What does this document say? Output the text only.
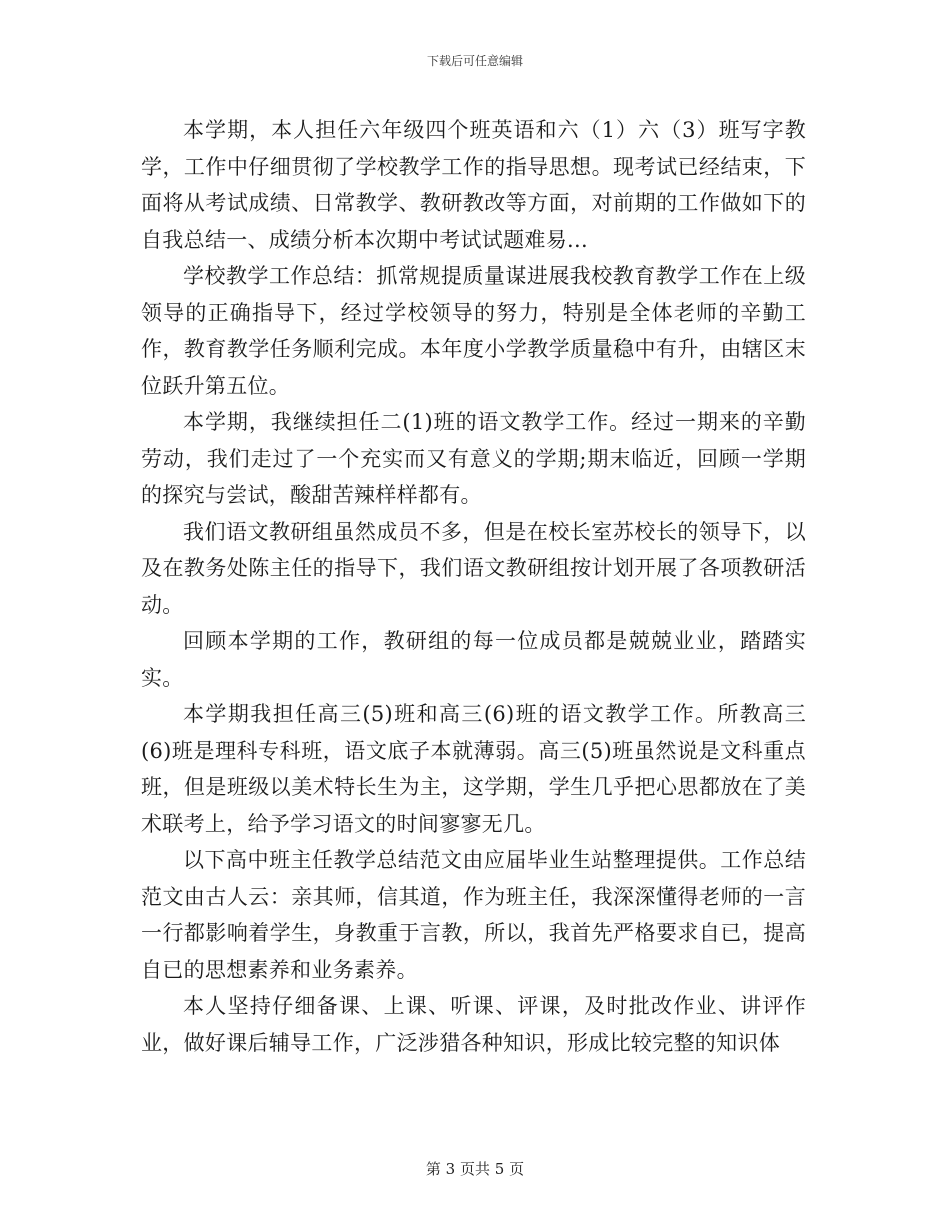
下载后可任意编辑

本学期，本人担任六年级四个班英语和六（1）六（3）班写字教学，工作中仔细贯彻了学校教学工作的指导思想。现考试已经结束，下面将从考试成绩、日常教学、教研教改等方面，对前期的工作做如下的自我总结一、成绩分析本次期中考试试题难易...

学校教学工作总结：抓常规提质量谋进展我校教育教学工作在上级领导的正确指导下，经过学校领导的努力，特别是全体老师的辛勤工作，教育教学任务顺利完成。本年度小学教学质量稳中有升，由辖区末位跃升第五位。

本学期，我继续担任二(1)班的语文教学工作。经过一期来的辛勤劳动，我们走过了一个充实而又有意义的学期;期末临近，回顾一学期的探究与尝试，酸甜苦辣样样都有。

我们语文教研组虽然成员不多，但是在校长室苏校长的领导下，以及在教务处陈主任的指导下，我们语文教研组按计划开展了各项教研活动。

回顾本学期的工作，教研组的每一位成员都是兢兢业业，踏踏实实。

本学期我担任高三(5)班和高三(6)班的语文教学工作。所教高三(6)班是理科专科班，语文底子本就薄弱。高三(5)班虽然说是文科重点班，但是班级以美术特长生为主，这学期，学生几乎把心思都放在了美术联考上，给予学习语文的时间寥寥无几。

以下高中班主任教学总结范文由应届毕业生站整理提供。工作总结范文由古人云：亲其师，信其道，作为班主任，我深深懂得老师的一言一行都影响着学生，身教重于言教，所以，我首先严格要求自已，提高自已的思想素养和业务素养。

本人坚持仔细备课、上课、听课、评课，及时批改作业、讲评作业，做好课后辅导工作，广泛涉猎各种知识，形成比较完整的知识体

第 3 页共 5 页
